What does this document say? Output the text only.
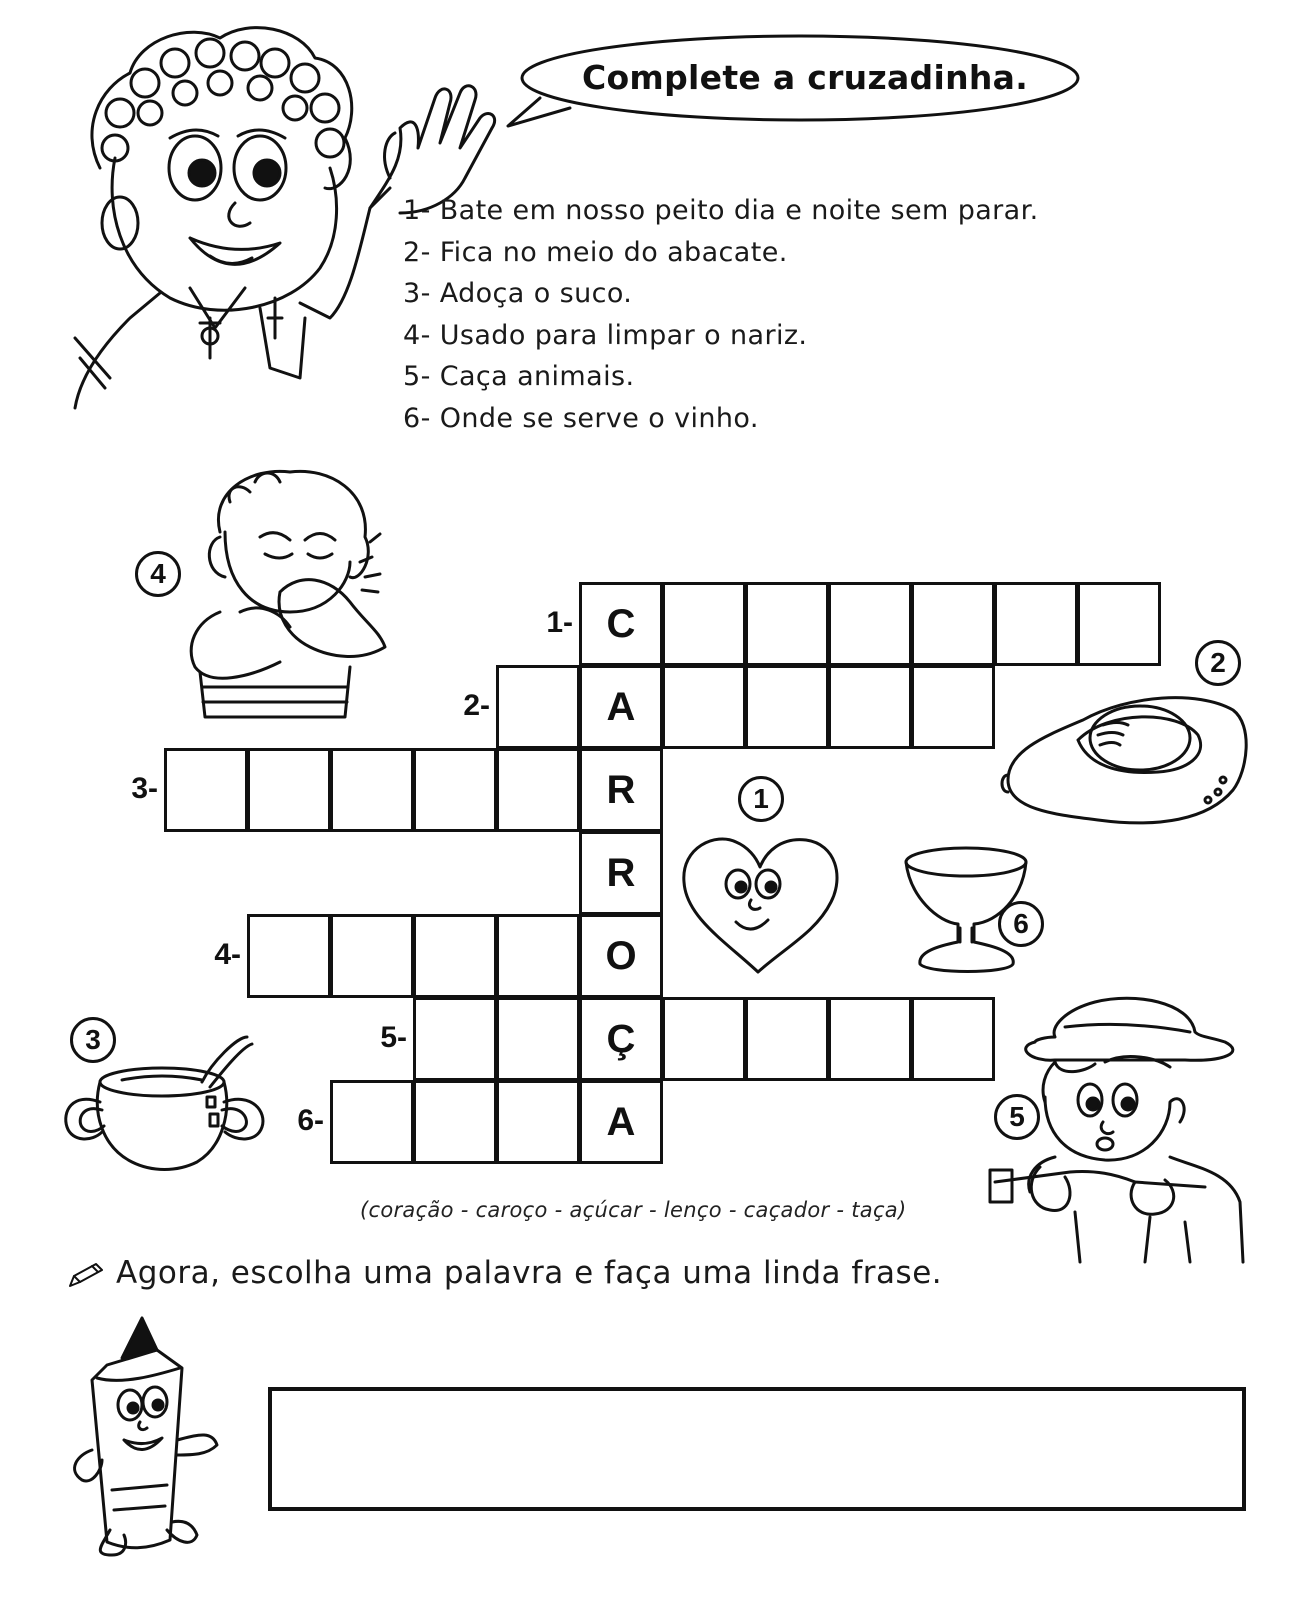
Complete a cruzadinha.
1- Bate em nosso peito dia e noite sem parar.
2- Fica no meio do abacate.
3- Adoça o suco.
4- Usado para limpar o nariz.
5- Caça animais.
6- Onde se serve o vinho.
C
1-
A
2-
R
3-
R
O
4-
Ç
5-
A
6-
4
2
1
6
3
5
(coração - caroço - açúcar - lenço - caçador - taça)
Agora, escolha uma palavra e faça uma linda frase.
